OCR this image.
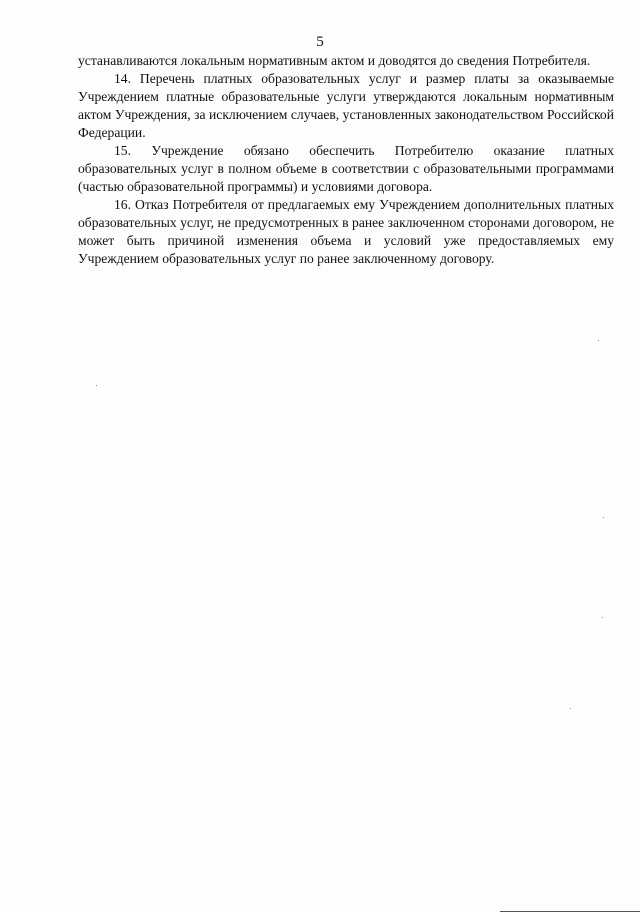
5

устанавливаются локальным нормативным актом и доводятся до сведения Потребителя.

14. Перечень платных образовательных услуг и размер платы за оказываемые Учреждением платные образовательные услуги утверждаются локальным нормативным актом Учреждения, за исключением случаев, установленных законодательством Российской Федерации.

15. Учреждение обязано обеспечить Потребителю оказание платных образовательных услуг в полном объеме в соответствии с образовательными программами (частью образовательной программы) и условиями договора.

16. Отказ Потребителя от предлагаемых ему Учреждением дополнительных платных образовательных услуг, не предусмотренных в ранее заключенном сторонами договором, не может быть причиной изменения объема и условий уже предоставляемых ему Учреждением образовательных услуг по ранее заключенному договору.
